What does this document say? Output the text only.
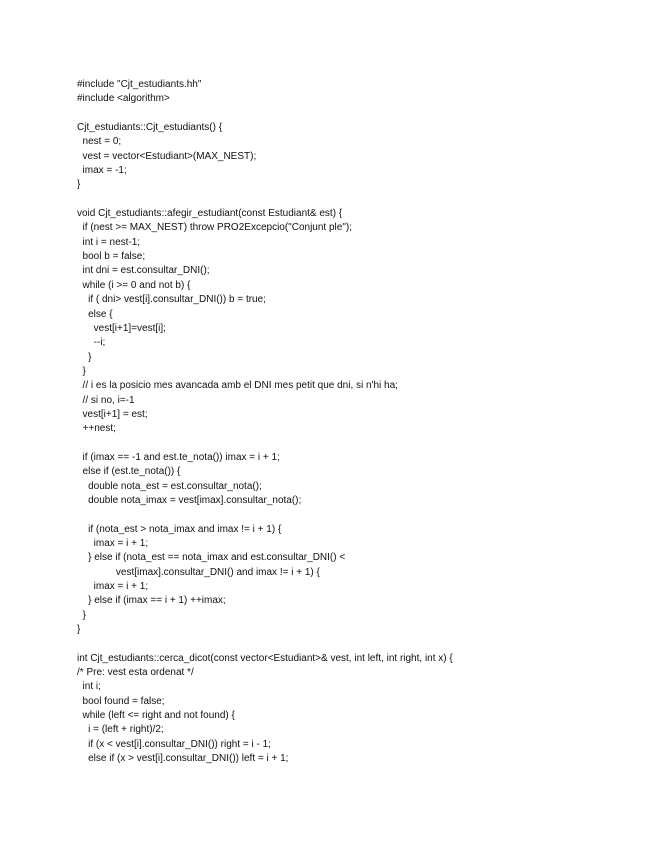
#include "Cjt_estudiants.hh"
#include <algorithm>
Cjt_estudiants::Cjt_estudiants() {
nest = 0;
vest = vector<Estudiant>(MAX_NEST);
imax = -1;
}
void Cjt_estudiants::afegir_estudiant(const Estudiant& est) {
if (nest >= MAX_NEST) throw PRO2Excepcio("Conjunt ple");
int i = nest-1;
bool b = false;
int dni = est.consultar_DNI();
while (i >= 0 and not b) {
if ( dni> vest[i].consultar_DNI()) b = true;
else {
vest[i+1]=vest[i];
--i;
}
}
// i es la posicio mes avancada amb el DNI mes petit que dni, si n'hi ha;
// si no, i=-1
vest[i+1] = est;
++nest;
if (imax == -1 and est.te_nota()) imax = i + 1;
else if (est.te_nota()) {
double nota_est = est.consultar_nota();
double nota_imax = vest[imax].consultar_nota();
if (nota_est > nota_imax and imax != i + 1) {
imax = i + 1;
} else if (nota_est == nota_imax and est.consultar_DNI() <
vest[imax].consultar_DNI() and imax != i + 1) {
imax = i + 1;
} else if (imax == i + 1) ++imax;
}
}
int Cjt_estudiants::cerca_dicot(const vector<Estudiant>& vest, int left, int right, int x) {
/* Pre: vest esta ordenat */
int i;
bool found = false;
while (left <= right and not found) {
i = (left + right)/2;
if (x < vest[i].consultar_DNI()) right = i - 1;
else if (x > vest[i].consultar_DNI()) left = i + 1;
